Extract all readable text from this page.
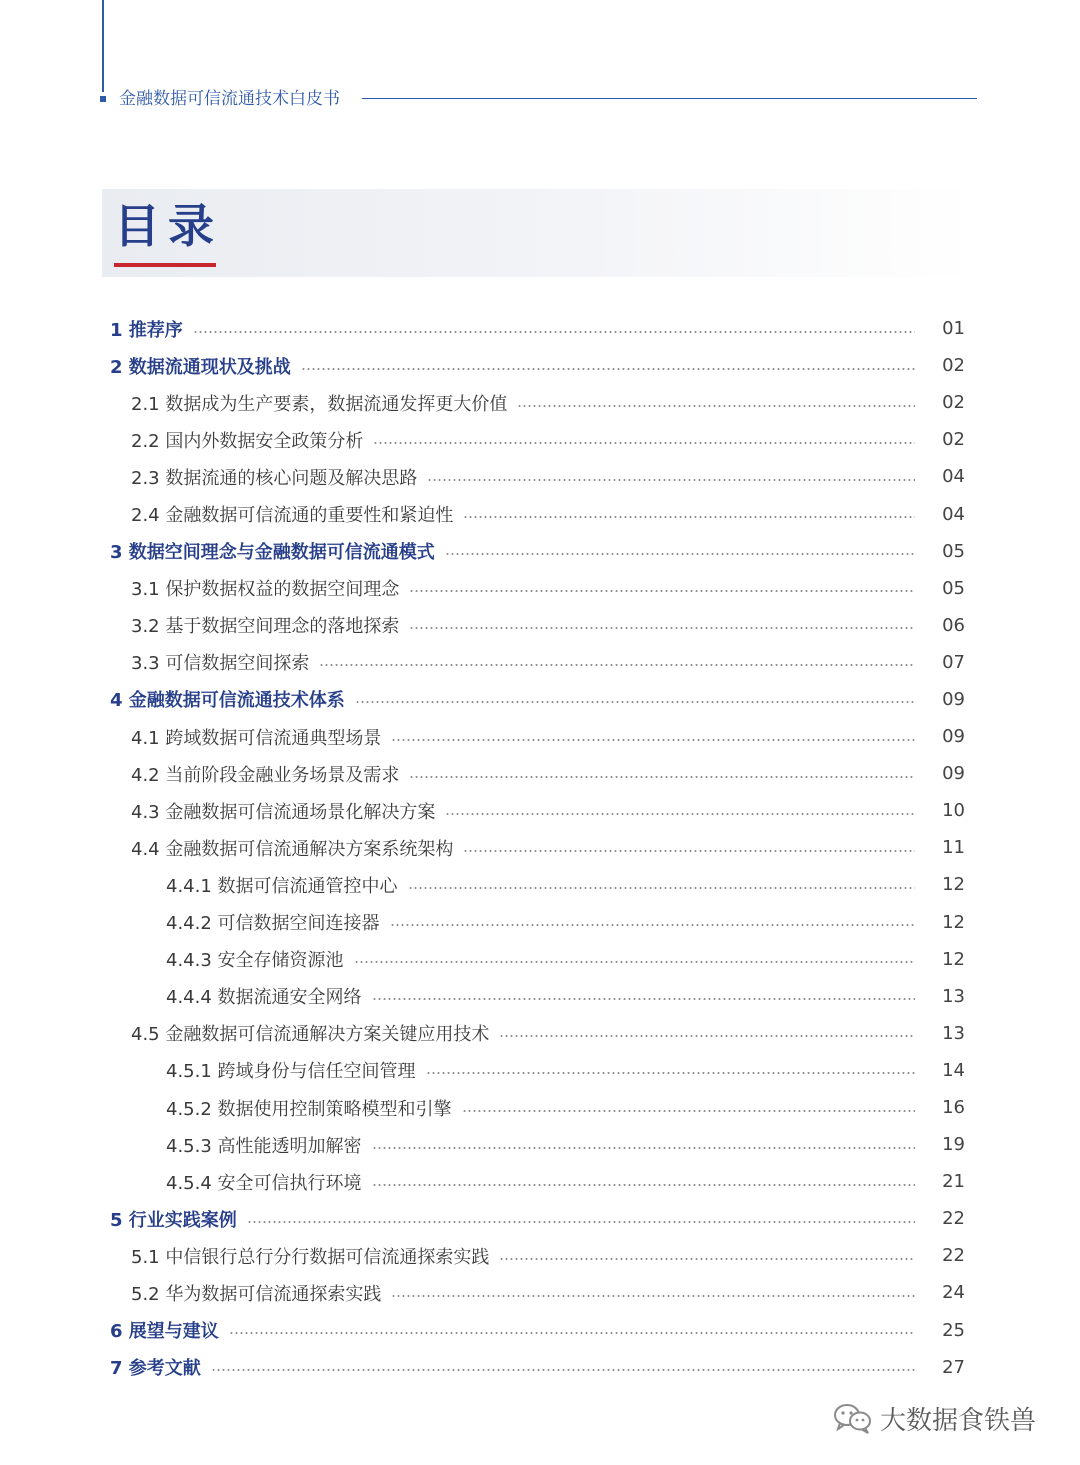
金融数据可信流通技术白皮书
目录
1 推荐序	01
2 数据流通现状及挑战	02
2.1 数据成为生产要素，数据流通发挥更大价值	02
2.2 国内外数据安全政策分析	02
2.3 数据流通的核心问题及解决思路	04
2.4 金融数据可信流通的重要性和紧迫性	04
3 数据空间理念与金融数据可信流通模式	05
3.1 保护数据权益的数据空间理念	05
3.2 基于数据空间理念的落地探索	06
3.3 可信数据空间探索	07
4 金融数据可信流通技术体系	09
4.1 跨域数据可信流通典型场景	09
4.2 当前阶段金融业务场景及需求	09
4.3 金融数据可信流通场景化解决方案	10
4.4 金融数据可信流通解决方案系统架构	11
4.4.1 数据可信流通管控中心	12
4.4.2 可信数据空间连接器	12
4.4.3 安全存储资源池	12
4.4.4 数据流通安全网络	13
4.5 金融数据可信流通解决方案关键应用技术	13
4.5.1 跨域身份与信任空间管理	14
4.5.2 数据使用控制策略模型和引擎	16
4.5.3 高性能透明加解密	19
4.5.4 安全可信执行环境	21
5 行业实践案例	22
5.1 中信银行总行分行数据可信流通探索实践	22
5.2 华为数据可信流通探索实践	24
6 展望与建议	25
7 参考文献	27
大数据食铁兽
